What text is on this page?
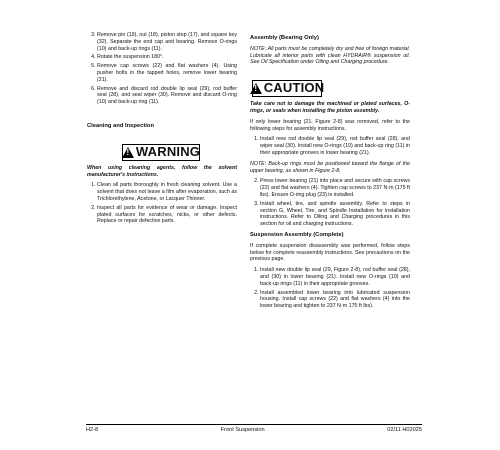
3. Remove pin (19), nut (18), piston stop (17), and square key (32). Separate the end cap and bearing. Remove O-rings (10) and back-up rings (11).
4. Rotate the suspension 180°.
5. Remove cap screws (22) and flat washers (4). Using pusher bolts in the tapped holes, remove lower bearing (21).
6. Remove and discard rod double lip seal (29), rod buffer seal (28), and seal wiper (30). Remove and discard O-ring (10) and back-up ring (11).
Cleaning and Inspection
! WARNING

When using cleaning agents, follow the solvent manufacturer's instructions.

1. Clean all parts thoroughly in fresh cleaning solvent. Use a solvent that does not leave a film after evaporation, such as Trichlorethylene, Acetone, or Lacquer Thinner.
2. Inspect all parts for evidence of wear or damage. Inspect plated surfaces for scratches, nicks, or other defects. Replace or repair defective parts.
Assembly (Bearing Only)

NOTE: All parts must be completely dry and free of foreign material. Lubricate all interior parts with clean HYDRAIR® suspension oil. See Oil Specification under Oiling and Charging procedure.

! CAUTION

Take care not to damage the machined or plated surfaces, O-rings, or seals when installing the piston assembly.

If only lower bearing (21, Figure 2-8) was removed, refer to the following steps for assembly instructions.

1. Install new rod double lip seal (29), rod buffer seal (28), and wiper seal (30). Install new O-rings (10) and back-up ring (11) in their appropriate grooves in lower bearing (21).

NOTE: Back-up rings must be positioned toward the flange of the upper bearing, as shown in Figure 2-8.

2. Press lower bearing (21) into place and secure with cap screws (22) and flat washers (4). Tighten cap screws to 237 N·m (175 ft lbs). Ensure O-ring plug (23) is installed.
3. Install wheel, tire, and spindle assembly. Refer to steps in section G, Wheel, Tire, and Spindle Installation for installation instructions. Refer to Oiling and Charging procedures in this section for oil and charging instructions.
Suspension Assembly (Complete)

If complete suspension disassembly was performed, follow steps below for complete reassembly instructions. See precautions on the previous page.

1. Install new double lip seal (29, Figure 2-8), rod buffer seal (28), and (30) in lower bearing (21). Install new O-rings (10) and back-up rings (11) in their appropriate grooves.
2. Install assembled lower bearing into lubricated suspension housing. Install cap screws (22) and flat washers (4) into the lower bearing and tighten to 237 N·m 175 ft lbs).
H2-8	Front Suspension	02/11 H02025
